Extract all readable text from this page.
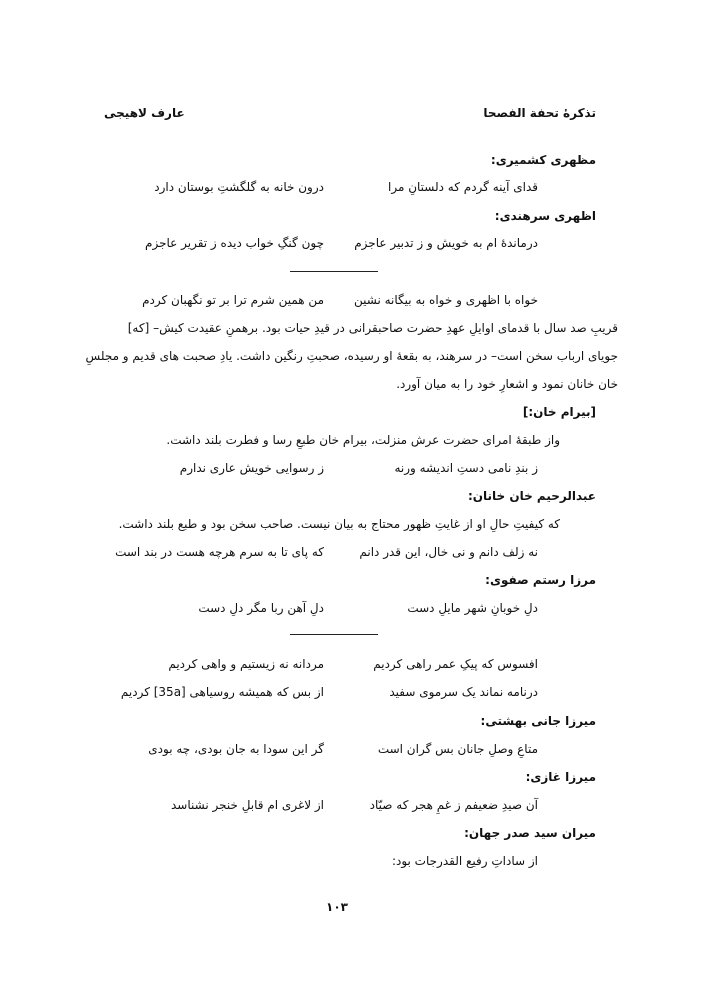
تذکرۀ تحفة الفصحا
عارف لاهیجی
مظهری کشمیری:
قدای آینه گردم که دلستانِ مرا
درون خانه به گلگشتِ بوستان دارد
اظهری سرهندی:
درماندۀ ام به خویش و ز تدبیر عاجزم
چون گنگِ خواب دیده ز تقریر عاجزم
خواه با اظهری و خواه به بیگانه نشین
من همین شرم ترا بر تو نگهبان کردم
قریبِ صد سال با قدمای اوایلِ عهدِ حضرت صاحبقرانی در قیدِ حیات بود. برهمنِ عقیدت کیش– [که]
جویای ارباب سخن است– در سرهند، به بقعۀ او رسیده، صحبتِ رنگین داشت. یادِ صحبت های قدیم و مجلسِ
خان خانان نمود و اشعارِ خود را به میان آورد.
[بیرام خان:]
واز طبقۀ امرای حضرت عرش منزلت، بیرام خان طبعِ رسا و فطرت بلند داشت.
ز بندِ نامی دستِ اندیشه ورنه
ز رسوایی خویش عاری ندارم
عبدالرحیم خان خانان:
که کیفیتِ حالِ او از غایتِ ظهور محتاج به بیان نیست. صاحب سخن بود و طبع بلند داشت.
نه زلف دانم و نی خال، این قدر دانم
که پای تا به سرم هرچه هست در بند است
مرزا رستم صفوی:
دلِ خوبانِ شهر مایلِ دست
دلِ آهن ربا مگر دلِ دست
افسوس که پیکِ عمر راهی کردیم
مردانه نه زیستیم و واهی کردیم
درنامه نماند یک سرموی سفید
از بس که همیشه روسیاهی [35a] کردیم
میرزا جانی بهشتی:
متاعِ وصلِ جانان بس گران است
گر این سودا به جان بودی، چه بودی
میرزا غازی:
آن صیدِ ضعیفم ز غمِ هجر که صیّاد
از لاغری ام قابلِ خنجر نشناسد
میران سید صدر جهان:
از ساداتِ رفیع القدرجات بود:
۱۰۳
